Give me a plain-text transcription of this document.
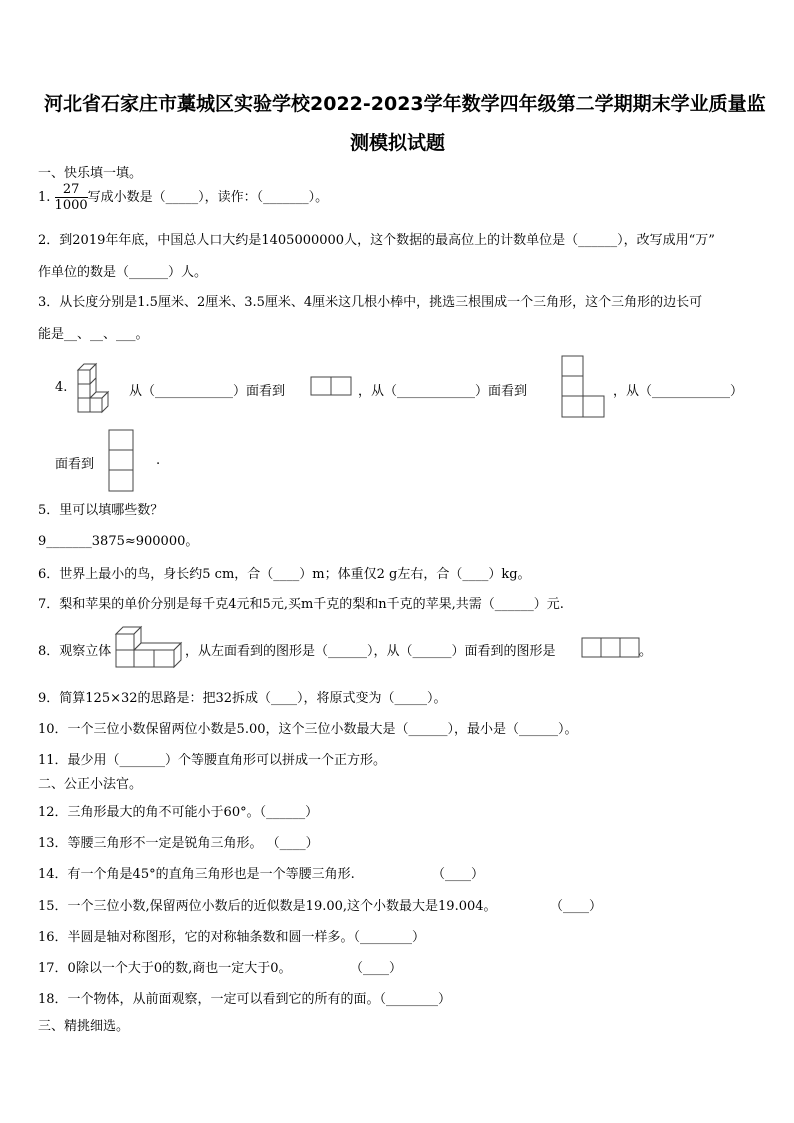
河北省石家庄市藁城区实验学校2022-2023学年数学四年级第二学期期末学业质量监
测模拟试题
一、快乐填一填。
1. $\frac{27}{1000}$ 写成小数是（_____），读作：（_______）。
2．到2019年年底，中国总人口大约是1405000000人，这个数据的最高位上的计数单位是（______），改写成用“万”
作单位的数是（______）人。
3．从长度分别是1.5厘米、2厘米、3.5厘米、4厘米这几根小棒中，挑选三根围成一个三角形，这个三角形的边长可
能是__、__、___。
4.	从（____________）面看到	，从（____________）面看到	，从（____________）
面看到	.
5．里可以填哪些数？
9_______3875≈900000。
6．世界上最小的鸟，身长约5 cm，合（____）m；体重仅2 g左右，合（____）kg。
7．梨和苹果的单价分别是每千克4元和5元,买m千克的梨和n千克的苹果,共需（______）元.
8．观察立体	，从左面看到的图形是（______），从（______）面看到的图形是	。
9．简算125×32的思路是：把32拆成（____），将原式变为（_____）。
10．一个三位小数保留两位小数是5.00，这个三位小数最大是（______），最小是（______）。
11．最少用（_______）个等腰直角形可以拼成一个正方形。
二、公正小法官。
12．三角形最大的角不可能小于60°。（______）
13．等腰三角形不一定是锐角三角形。 （____）
14．有一个角是45°的直角三角形也是一个等腰三角形.	（____）
15．一个三位小数,保留两位小数后的近似数是19.00,这个小数最大是19.004。	（____）
16．半圆是轴对称图形，它的对称轴条数和圆一样多。（________）
17．0除以一个大于0的数,商也一定大于0。	（____）
18．一个物体，从前面观察，一定可以看到它的所有的面。（________）
三、精挑细选。
